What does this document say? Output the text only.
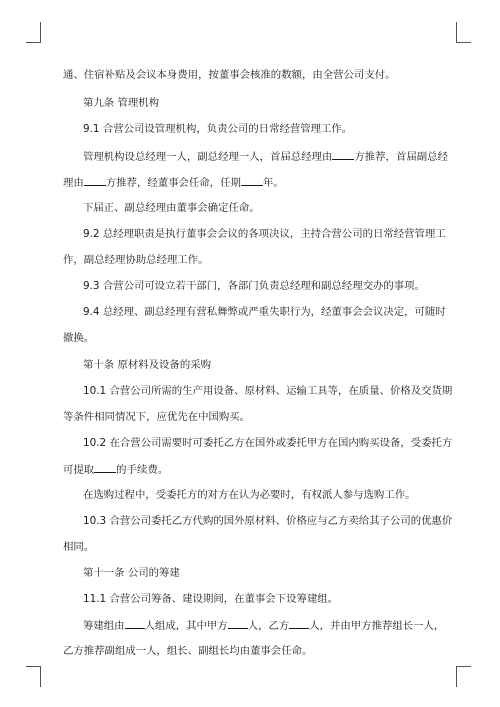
通、住宿补贴及会议本身费用，按董事会核准的数额，由全营公司支付。
第九条 管理机构
9.1 合营公司设管理机构，负责公司的日常经营管理工作。
管理机构设总经理一人，副总经理一人，首届总经理由 方推荐，首届副总经
理由 方推荐，经董事会任命，任期 年。
下届正、副总经理由董事会确定任命。
9.2 总经理职责是执行董事会会议的各项决议，主持合营公司的日常经营管理工
作，副总经理协助总经理工作。
9.3 合营公司可设立若干部门，各部门负责总经理和副总经理交办的事项。
9.4 总经理、副总经理有营私舞弊或严重失职行为，经董事会会议决定，可随时
撤换。
第十条 原材料及设备的采购
10.1 合营公司所需的生产用设备、原材料、运输工具等，在质量、价格及交货期
等条件相同情况下，应优先在中国购买。
10.2 在合营公司需要时可委托乙方在国外或委托甲方在国内购买设备，受委托方
可提取 的手续费。
在选购过程中，受委托方的对方在认为必要时，有权派人参与选购工作。
10.3 合营公司委托乙方代购的国外原材料、价格应与乙方卖给其子公司的优惠价
相同。
第十一条 公司的筹建
11.1 合营公司筹备、建设期间，在董事会下设筹建组。
筹建组由 人组成，其中甲方 人，乙方 人，并由甲方推荐组长一人，
乙方推荐副组成一人，组长、副组长均由董事会任命。
